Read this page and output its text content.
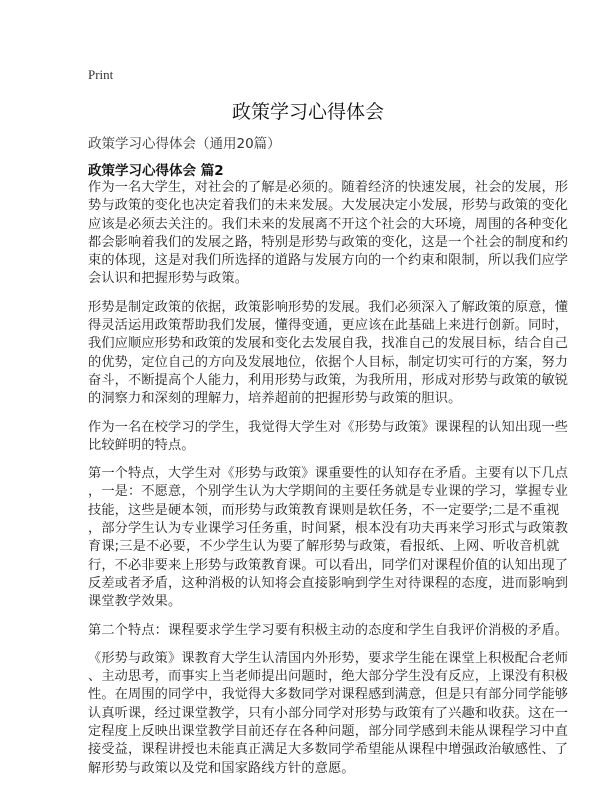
Print
政策学习心得体会
政策学习心得体会（通用20篇）
政策学习心得体会 篇2
作为一名大学生，对社会的了解是必须的。随着经济的快速发展，社会的发展，形
势与政策的变化也决定着我们的未来发展。大发展决定小发展，形势与政策的变化
应该是必须去关注的。我们未来的发展离不开这个社会的大环境，周围的各种变化
都会影响着我们的发展之路，特别是形势与政策的变化，这是一个社会的制度和约
束的体现，这是对我们所选择的道路与发展方向的一个约束和限制，所以我们应学
会认识和把握形势与政策。
形势是制定政策的依据，政策影响形势的发展。我们必须深入了解政策的原意，懂
得灵活运用政策帮助我们发展，懂得变通，更应该在此基础上来进行创新。同时，
我们应顺应形势和政策的发展和变化去发展自我，找准自己的发展目标，结合自己
的优势，定位自己的方向及发展地位，依据个人目标，制定切实可行的方案，努力
奋斗，不断提高个人能力，利用形势与政策，为我所用，形成对形势与政策的敏锐
的洞察力和深刻的理解力，培养超前的把握形势与政策的胆识。
作为一名在校学习的学生，我觉得大学生对《形势与政策》课课程的认知出现一些
比较鲜明的特点。
第一个特点，大学生对《形势与政策》课重要性的认知存在矛盾。主要有以下几点
，一是：不愿意，个别学生认为大学期间的主要任务就是专业课的学习，掌握专业
技能，这些是硬本领，而形势与政策教育课则是软任务，不一定要学;二是不重视
，部分学生认为专业课学习任务重，时间紧，根本没有功夫再来学习形式与政策教
育课;三是不必要，不少学生认为要了解形势与政策，看报纸、上网、听收音机就
行，不必非要来上形势与政策教育课。可以看出，同学们对课程价值的认知出现了
反差或者矛盾，这种消极的认知将会直接影响到学生对待课程的态度，进而影响到
课堂教学效果。
第二个特点：课程要求学生学习要有积极主动的态度和学生自我评价消极的矛盾。
《形势与政策》课教育大学生认清国内外形势，要求学生能在课堂上积极配合老师
、主动思考，而事实上当老师提出问题时，绝大部分学生没有反应，上课没有积极
性。在周围的同学中，我觉得大多数同学对课程感到满意，但是只有部分同学能够
认真听课，经过课堂教学，只有小部分同学对形势与政策有了兴趣和收获。这在一
定程度上反映出课堂教学目前还存在各种问题，部分同学感到未能从课程学习中直
接受益，课程讲授也未能真正满足大多数同学希望能从课程中增强政治敏感性、了
解形势与政策以及党和国家路线方针的意愿。
